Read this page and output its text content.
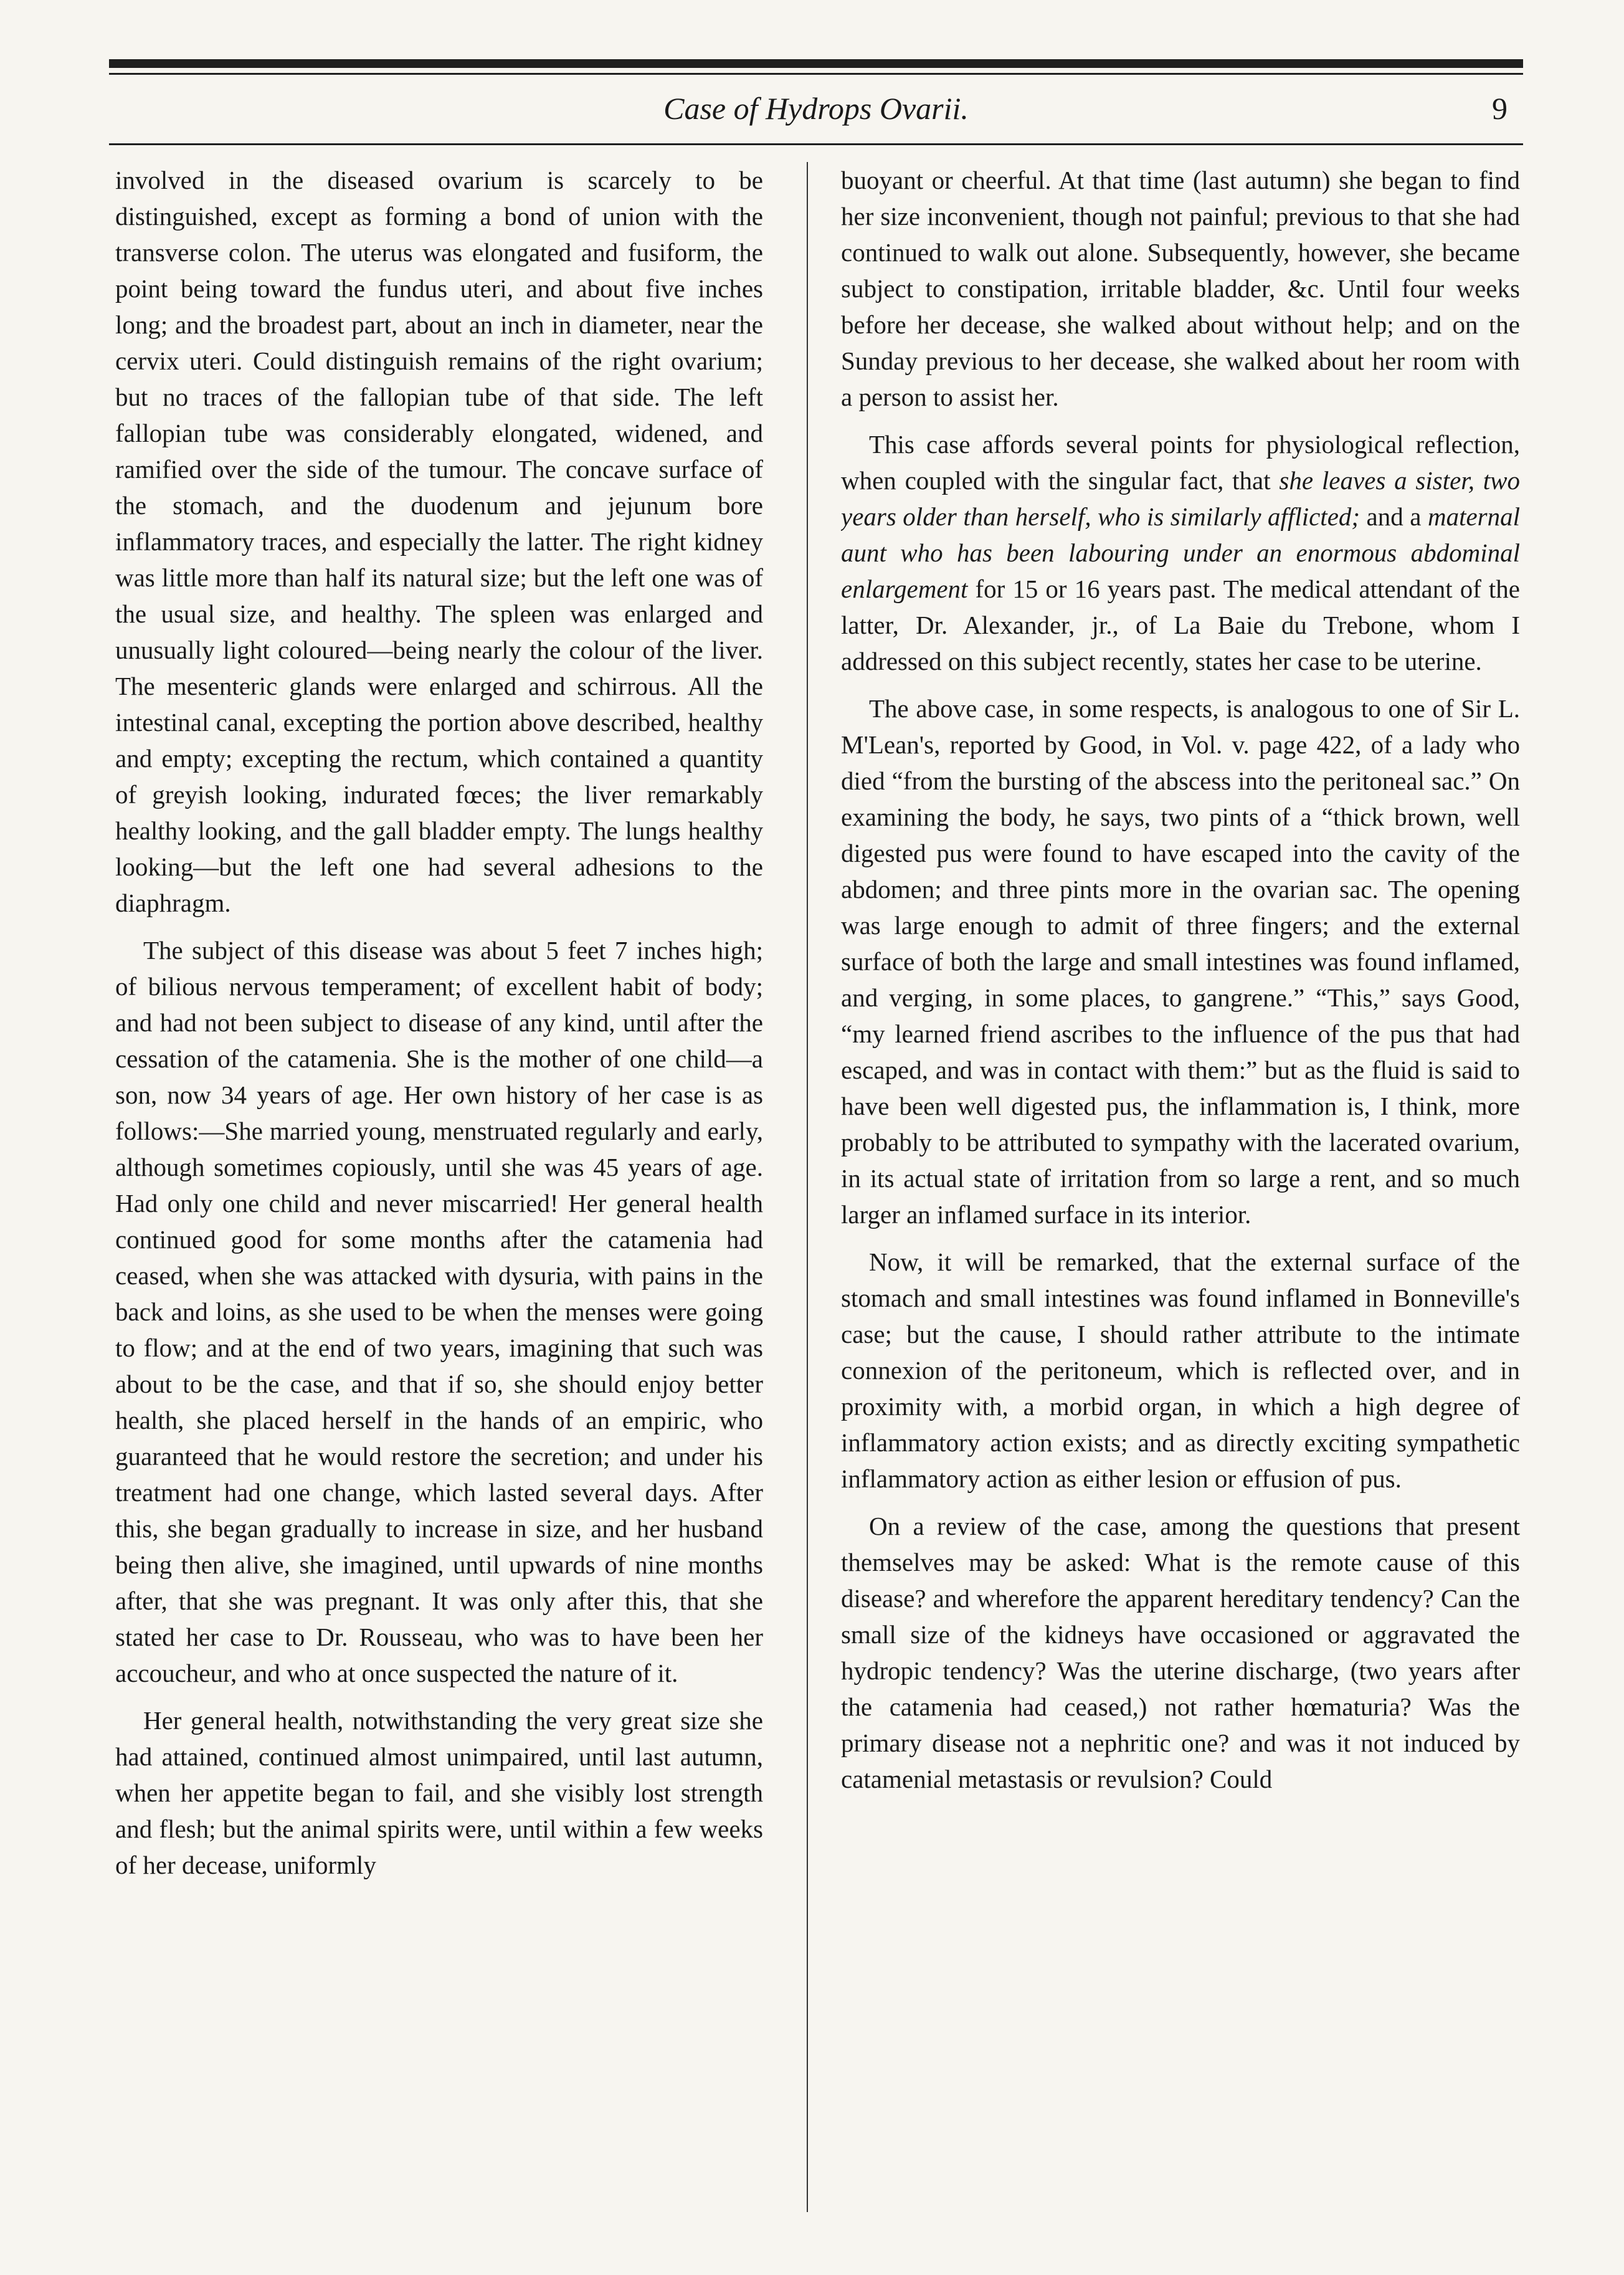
Case of Hydrops Ovarii.	9

involved in the diseased ovarium is scarcely to be distinguished, except as forming a bond of union with the transverse colon. The uterus was elongated and fusiform, the point being toward the fundus uteri, and about five inches long; and the broadest part, about an inch in diameter, near the cervix uteri. Could distinguish remains of the right ovarium; but no traces of the fallopian tube of that side. The left fallopian tube was considerably elongated, widened, and ramified over the side of the tumour. The concave surface of the stomach, and the duodenum and jejunum bore inflammatory traces, and especially the latter. The right kidney was little more than half its natural size; but the left one was of the usual size, and healthy. The spleen was enlarged and unusually light coloured—being nearly the colour of the liver. The mesenteric glands were enlarged and schirrous. All the intestinal canal, excepting the portion above described, healthy and empty; excepting the rectum, which contained a quantity of greyish looking, indurated fœces; the liver remarkably healthy looking, and the gall bladder empty. The lungs healthy looking—but the left one had several adhesions to the diaphragm.

The subject of this disease was about 5 feet 7 inches high; of bilious nervous temperament; of excellent habit of body; and had not been subject to disease of any kind, until after the cessation of the catamenia. She is the mother of one child—a son, now 34 years of age. Her own history of her case is as follows:—She married young, menstruated regularly and early, although sometimes copiously, until she was 45 years of age. Had only one child and never miscarried! Her general health continued good for some months after the catamenia had ceased, when she was attacked with dysuria, with pains in the back and loins, as she used to be when the menses were going to flow; and at the end of two years, imagining that such was about to be the case, and that if so, she should enjoy better health, she placed herself in the hands of an empiric, who guaranteed that he would restore the secretion; and under his treatment had one change, which lasted several days. After this, she began gradually to increase in size, and her husband being then alive, she imagined, until upwards of nine months after, that she was pregnant. It was only after this, that she stated her case to Dr. Rousseau, who was to have been her accoucheur, and who at once suspected the nature of it.

Her general health, notwithstanding the very great size she had attained, continued almost unimpaired, until last autumn, when her appetite began to fail, and she visibly lost strength and flesh; but the animal spirits were, until within a few weeks of her decease, uniformly

buoyant or cheerful. At that time (last autumn) she began to find her size inconvenient, though not painful; previous to that she had continued to walk out alone. Subsequently, however, she became subject to constipation, irritable bladder, &c. Until four weeks before her decease, she walked about without help; and on the Sunday previous to her decease, she walked about her room with a person to assist her.

This case affords several points for physiological reflection, when coupled with the singular fact, that she leaves a sister, two years older than herself, who is similarly afflicted; and a maternal aunt who has been labouring under an enormous abdominal enlargement for 15 or 16 years past. The medical attendant of the latter, Dr. Alexander, jr., of La Baie du Trebone, whom I addressed on this subject recently, states her case to be uterine.

The above case, in some respects, is analogous to one of Sir L. M'Lean's, reported by Good, in Vol. v. page 422, of a lady who died “from the bursting of the abscess into the peritoneal sac.” On examining the body, he says, two pints of a “thick brown, well digested pus were found to have escaped into the cavity of the abdomen; and three pints more in the ovarian sac. The opening was large enough to admit of three fingers; and the external surface of both the large and small intestines was found inflamed, and verging, in some places, to gangrene.” “This,” says Good, “my learned friend ascribes to the influence of the pus that had escaped, and was in contact with them:” but as the fluid is said to have been well digested pus, the inflammation is, I think, more probably to be attributed to sympathy with the lacerated ovarium, in its actual state of irritation from so large a rent, and so much larger an inflamed surface in its interior.

Now, it will be remarked, that the external surface of the stomach and small intestines was found inflamed in Bonneville's case; but the cause, I should rather attribute to the intimate connexion of the peritoneum, which is reflected over, and in proximity with, a morbid organ, in which a high degree of inflammatory action exists; and as directly exciting sympathetic inflammatory action as either lesion or effusion of pus.

On a review of the case, among the questions that present themselves may be asked: What is the remote cause of this disease? and wherefore the apparent hereditary tendency? Can the small size of the kidneys have occasioned or aggravated the hydropic tendency? Was the uterine discharge, (two years after the catamenia had ceased,) not rather hœmaturia? Was the primary disease not a nephritic one? and was it not induced by catamenial metastasis or revulsion? Could
